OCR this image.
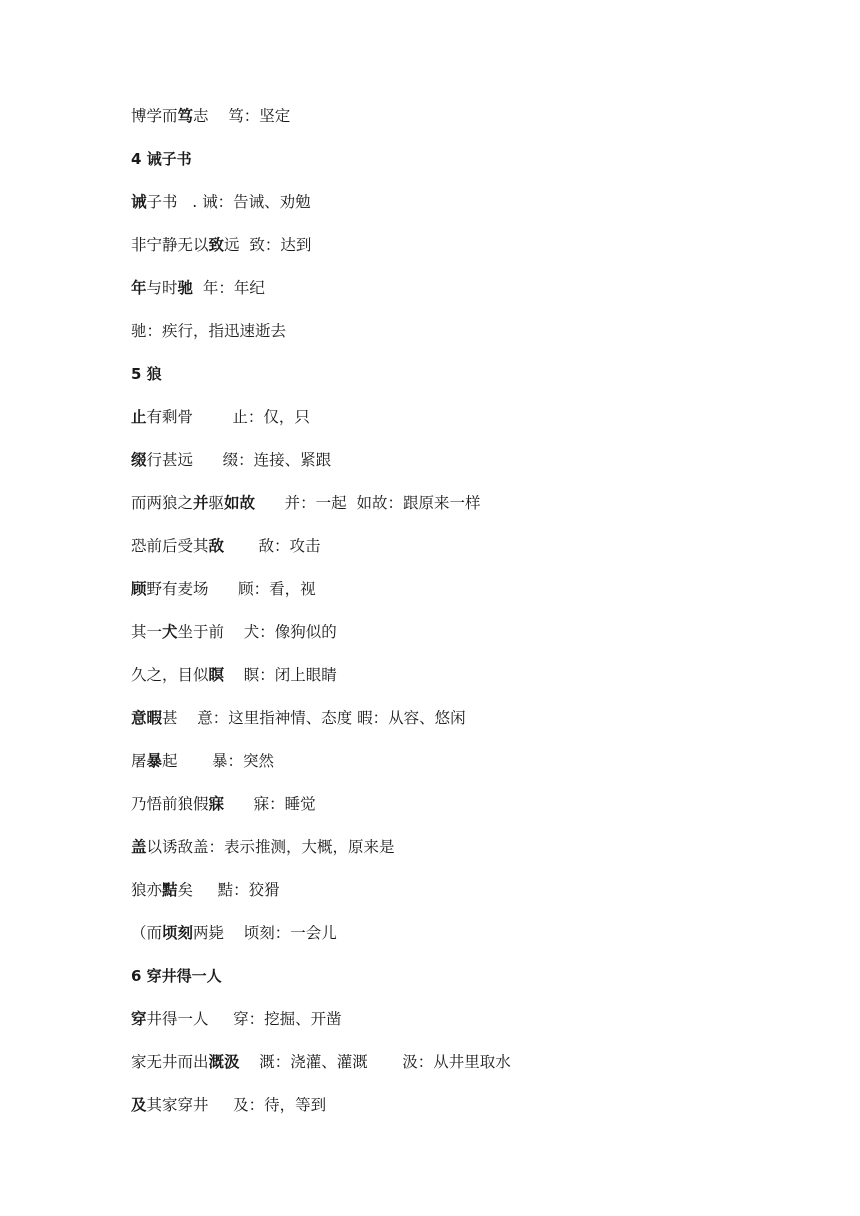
博学而笃志    笃：坚定

4 诫子书

诫子书   . 诫：告诫、劝勉

非宁静无以致远  致：达到

年与时驰  年：年纪

驰：疾行，指迅速逝去

5 狼

止有剩骨        止：仅，只

缀行甚远      缀：连接、紧跟

而两狼之并驱如故      并：一起  如故：跟原来一样

恐前后受其敌       敌：攻击

顾野有麦场      顾：看，视

其一犬坐于前    犬：像狗似的

久之，目似瞑    瞑：闭上眼睛

意暇甚    意：这里指神情、态度 暇：从容、悠闲

屠暴起       暴：突然

乃悟前狼假寐      寐：睡觉

盖以诱敌盖：表示推测，大概，原来是

狼亦黠矣     黠：狡猾

（而顷刻两毙    顷刻：一会儿

6 穿井得一人

穿井得一人     穿：挖掘、开凿

家无井而出溉汲    溉：浇灌、灌溉       汲：从井里取水

及其家穿井     及：待，等到
